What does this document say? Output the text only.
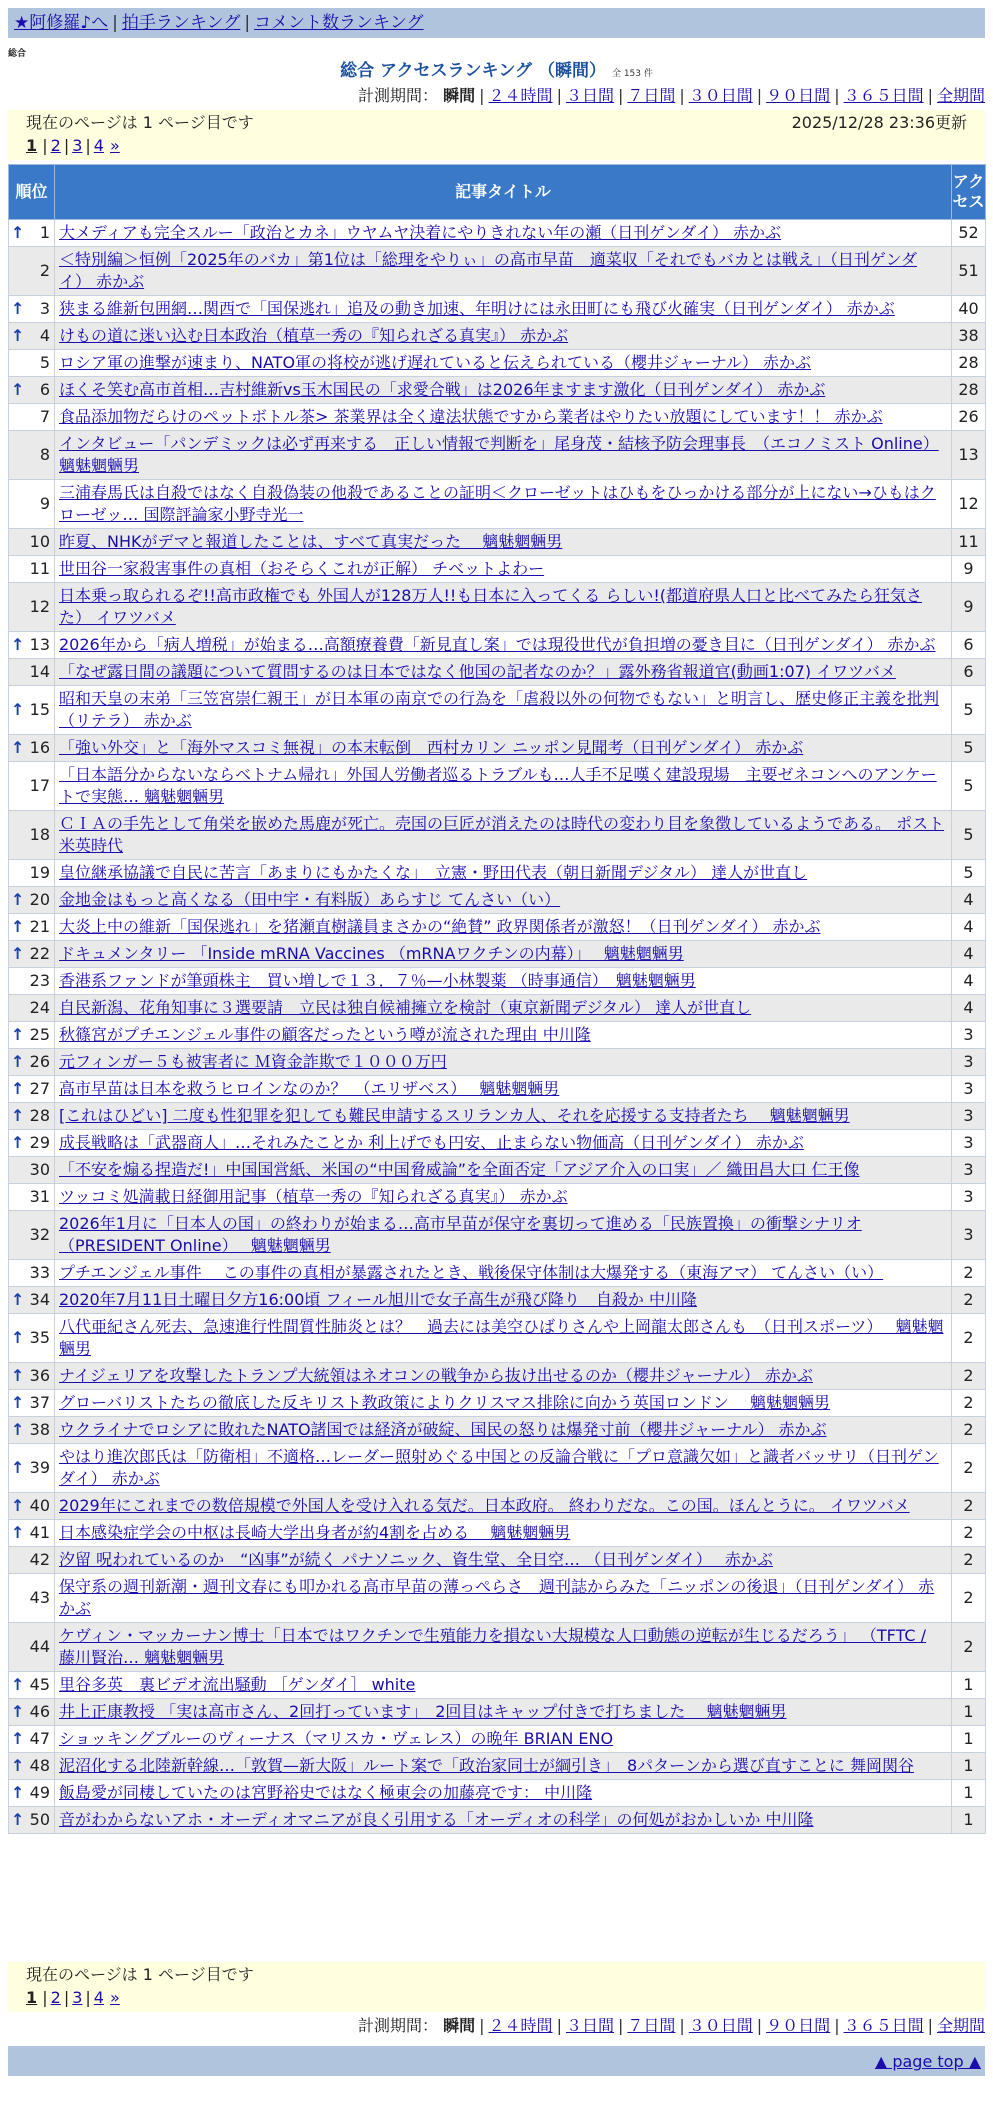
★阿修羅♪へ | 拍手ランキング | コメント数ランキング
総合
総合 アクセスランキング （瞬間） 全 153 件
計測期間： 瞬間 | ２４時間 | ３日間 | ７日間 | ３０日間 | ９０日間 | ３６５日間 | 全期間
現在のページは 1 ページ目です	2025/12/28 23:36更新
1 | 2 | 3 | 4 »
順位	記事タイトル	アクセス

↑ 1	大メディアも完全スルー「政治とカネ」ウヤムヤ決着にやりきれない年の瀬（日刊ゲンダイ） 赤かぶ	52
2	＜特別編＞恒例「2025年のバカ」第1位は「総理をやりぃ」の高市早苗　適菜収「それでもバカとは戦え」（日刊ゲンダイ） 赤かぶ	51

↑ 3	狭まる維新包囲網…関西で「国保逃れ」追及の動き加速、年明けには永田町にも飛び火確実（日刊ゲンダイ） 赤かぶ	40

↑ 4	けもの道に迷い込む日本政治（植草一秀の『知られざる真実』） 赤かぶ	38
5	ロシア軍の進撃が速まり、NATO軍の将校が逃げ遅れていると伝えられている（櫻井ジャーナル） 赤かぶ	28

↑ 6	ほくそ笑む高市首相…吉村維新vs玉木国民の「求愛合戦」は2026年ますます激化（日刊ゲンダイ） 赤かぶ	28
7	食品添加物だらけのペットボトル茶> 茶業界は全く違法状態ですから業者はやりたい放題にしています！！ 赤かぶ	26
8	インタビュー「パンデミックは必ず再来する　正しい情報で判断を」尾身茂・結核予防会理事長　（エコノミスト Online） 魑魅魍魎男	13
9	三浦春馬氏は自殺ではなく自殺偽装の他殺であることの証明＜クローゼットはひもをひっかける部分が上にない→ひもはクローゼッ… 国際評論家小野寺光一	12
10	昨夏、NHKがデマと報道したことは、すべて真実だった　 魑魅魍魎男	11
11	世田谷一家殺害事件の真相（おそらくこれが正解） チベットよわー	9
12	日本乗っ取られるぞ!!高市政権でも 外国人が128万人!!も日本に入ってくる らしい!(都道府県人口と比べてみたら狂気さた） イワツバメ	9

↑ 13	2026年から「病人増税」が始まる…高額療養費「新見直し案」では現役世代が負担増の憂き目に（日刊ゲンダイ） 赤かぶ	6
14	「なぜ露日間の議題について質問するのは日本ではなく他国の記者なのか？」露外務省報道官(動画1:07) イワツバメ	6

↑ 15	昭和天皇の末弟「三笠宮崇仁親王」が日本軍の南京での行為を「虐殺以外の何物でもない」と明言し、歴史修正主義を批判（リテラ） 赤かぶ	5

↑ 16	「強い外交」と「海外マスコミ無視」の本末転倒　西村カリン ニッポン見聞考（日刊ゲンダイ） 赤かぶ	5
17	「日本語分からないならベトナム帰れ」外国人労働者巡るトラブルも…人手不足嘆く建設現場　主要ゼネコンへのアンケートで実態… 魑魅魍魎男	5
18	ＣＩＡの手先として角栄を嵌めた馬鹿が死亡。売国の巨匠が消えたのは時代の変わり目を象徴しているようである。 ポスト米英時代	5
19	皇位継承協議で自民に苦言「あまりにもかたくな」　立憲・野田代表（朝日新聞デジタル） 達人が世直し	5

↑ 20	金地金はもっと高くなる（田中宇・有料版）あらすじ てんさい（い）	4

↑ 21	大炎上中の維新「国保逃れ」を猪瀬直樹議員まさかの“絶賛” 政界関係者が激怒！（日刊ゲンダイ） 赤かぶ	4

↑ 22	ドキュメンタリー 「Inside mRNA Vaccines （mRNAワクチンの内幕）」　 魑魅魍魎男	4
23	香港系ファンドが筆頭株主　買い増しで１３．７％—小林製薬 （時事通信）　魑魅魍魎男	4
24	自民新潟、花角知事に３選要請　立民は独自候補擁立を検討（東京新聞デジタル） 達人が世直し	4

↑ 25	秋篠宮がプチエンジェル事件の顧客だったという噂が流された理由 中川隆	3

↑ 26	元フィンガー５も被害者に Ｍ資金詐欺で１０００万円	3

↑ 27	高市早苗は日本を救うヒロインなのか？　（エリザベス）　 魑魅魍魎男	3

↑ 28	[これはひどい] 二度も性犯罪を犯しても難民申請するスリランカ人、それを応援する支持者たち　 魑魅魍魎男	3

↑ 29	成長戦略は「武器商人」…それみたことか 利上げでも円安、止まらない物価高（日刊ゲンダイ） 赤かぶ	3
30	「不安を煽る捏造だ!」中国国営紙、米国の“中国脅威論”を全面否定「アジア介入の口実」／ 織田昌大口 仁王像	3
31	ツッコミ処満載日経御用記事（植草一秀の『知られざる真実』） 赤かぶ	3
32	2026年1月に「日本人の国」の終わりが始まる…高市早苗が保守を裏切って進める「民族置換」の衝撃シナリオ （PRESIDENT Online）　 魑魅魍魎男	3
33	プチエンジェル事件　 この事件の真相が暴露されたとき、戦後保守体制は大爆発する（東海アマ） てんさい（い）	2

↑ 34	2020年7月11日土曜日夕方16:00頃 フィール旭川で女子高生が飛び降り　自殺か 中川隆	2

↑ 35	八代亜紀さん死去、急速進行性間質性肺炎とは？　過去には美空ひばりさんや上岡龍太郎さんも　（日刊スポーツ）　 魑魅魍魎男	2

↑ 36	ナイジェリアを攻撃したトランプ大統領はネオコンの戦争から抜け出せるのか（櫻井ジャーナル） 赤かぶ	2

↑ 37	グローバリストたちの徹底した反キリスト教政策によりクリスマス排除に向かう英国ロンドン　 魑魅魍魎男	2

↑ 38	ウクライナでロシアに敗れたNATO諸国では経済が破綻、国民の怒りは爆発寸前（櫻井ジャーナル） 赤かぶ	2

↑ 39	やはり進次郎氏は「防衛相」不適格…レーダー照射めぐる中国との反論合戦に「プロ意識欠如」と識者バッサリ（日刊ゲンダイ） 赤かぶ	2

↑ 40	2029年にこれまでの数倍規模で外国人を受け入れる気だ。日本政府。 終わりだな。この国。ほんとうに。 イワツバメ	2

↑ 41	日本感染症学会の中枢は長崎大学出身者が約4割を占める　 魑魅魍魎男	2
42	汐留 呪われているのか　“凶事”が続く パナソニック、資生堂、全日空… （日刊ゲンダイ）　 赤かぶ	2
43	保守系の週刊新潮・週刊文春にも叩かれる高市早苗の薄っぺらさ　週刊誌からみた「ニッポンの後退」（日刊ゲンダイ） 赤かぶ	2
44	ケヴィン・マッカーナン博士「日本ではワクチンで生殖能力を損ない大規模な人口動態の逆転が生じるだろう」 （TFTC / 藤川賢治… 魑魅魍魎男	2

↑ 45	里谷多英　裏ビデオ流出騒動 ［ゲンダイ］ white	1

↑ 46	井上正康教授 「実は高市さん、2回打っています」　2回目はキャップ付きで打ちました　 魑魅魍魎男	1

↑ 47	ショッキングブルーのヴィーナス（マリスカ・ヴェレス）の晩年 BRIAN ENO	1

↑ 48	泥沼化する北陸新幹線…「敦賀—新大阪」ルート案で「政治家同士が綱引き」　8パターンから選び直すことに 舞岡関谷	1

↑ 49	飯島愛が同棲していたのは宮野裕史ではなく極東会の加藤亮です： 中川隆	1

↑ 50	音がわからないアホ・オーディオマニアが良く引用する「オーディオの科学」の何処がおかしいか 中川隆	1
現在のページは 1 ページ目です
1 | 2 | 3 | 4 »
計測期間： 瞬間 | ２４時間 | ３日間 | ７日間 | ３０日間 | ９０日間 | ３６５日間 | 全期間
▲ page top ▲
